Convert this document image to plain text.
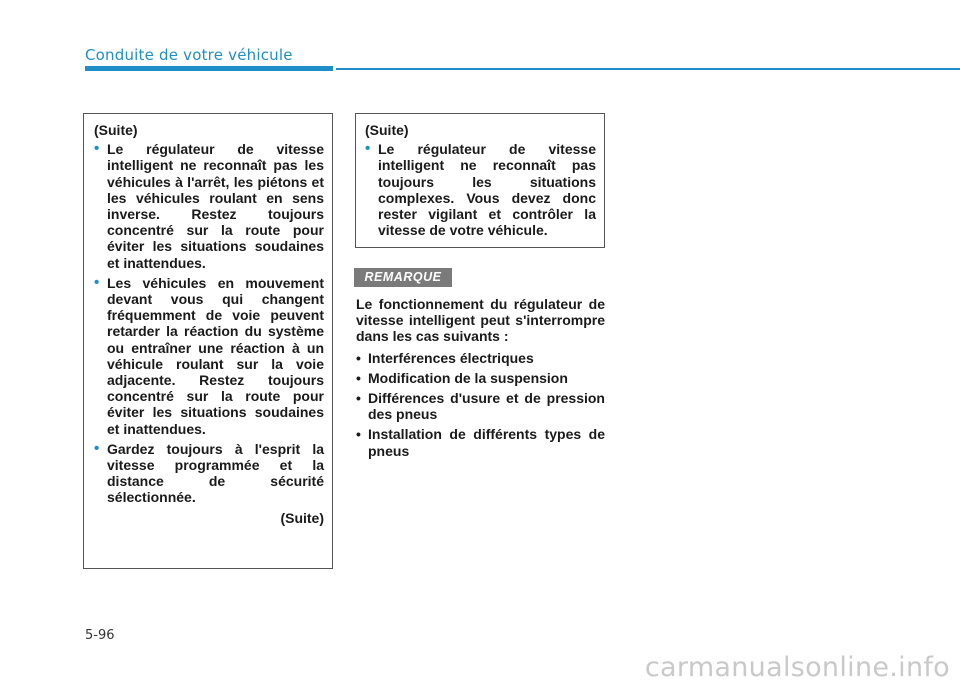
Conduite de votre véhicule
(Suite)
• Le régulateur de vitesse intelligent ne reconnaît pas les véhicules à l'arrêt, les piétons et les véhicules roulant en sens inverse. Restez toujours concentré sur la route pour éviter les situations soudaines et inattendues.
• Les véhicules en mouvement devant vous qui changent fréquemment de voie peuvent retarder la réaction du système ou entraîner une réaction à un véhicule roulant sur la voie adjacente. Restez toujours concentré sur la route pour éviter les situations soudaines et inattendues.
• Gardez toujours à l'esprit la vitesse programmée et la distance de sécurité sélectionnée.
(Suite)
(Suite)
• Le régulateur de vitesse intelligent ne reconnaît pas toujours les situations complexes. Vous devez donc rester vigilant et contrôler la vitesse de votre véhicule.
REMARQUE
Le fonctionnement du régulateur de vitesse intelligent peut s'interrompre dans les cas suivants :
• Interférences électriques
• Modification de la suspension
• Différences d'usure et de pression des pneus
• Installation de différents types de pneus
5-96
carmanualsonline.info
